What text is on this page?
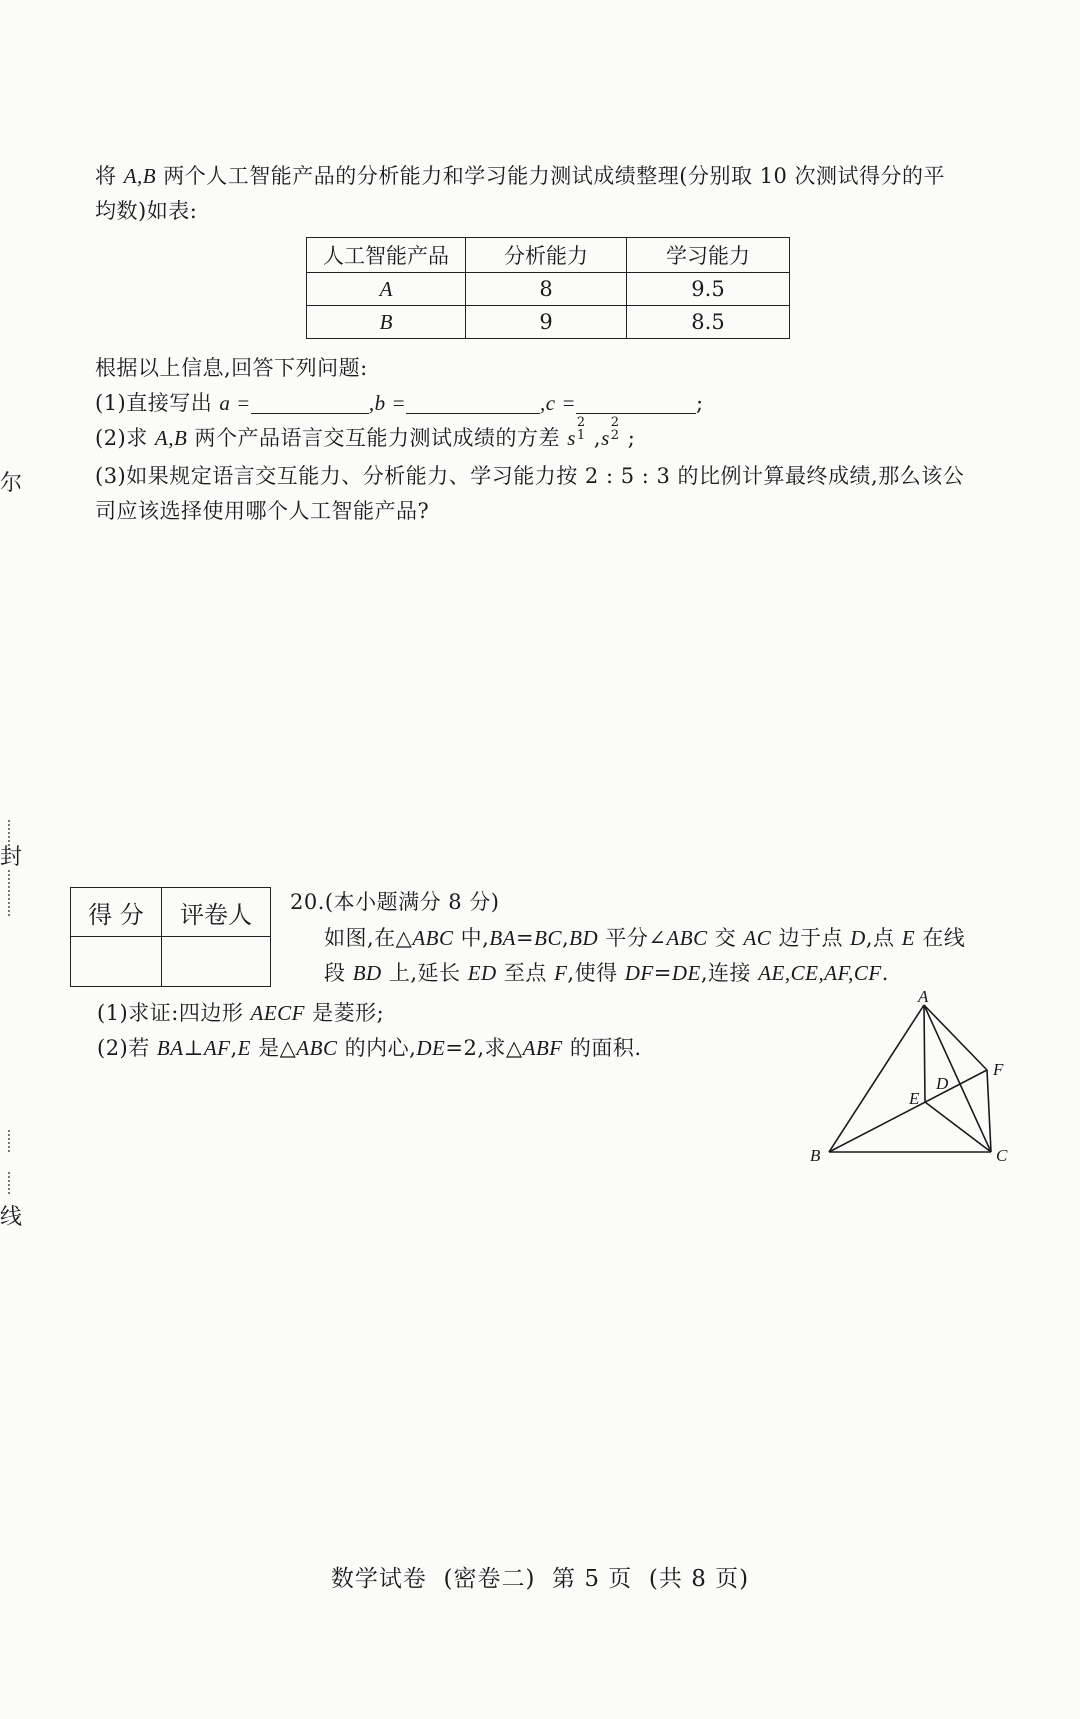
将 A,B 两个人工智能产品的分析能力和学习能力测试成绩整理(分别取 10 次测试得分的平
均数)如表:
人工智能产品	分析能力	学习能力
A	8	9.5
B	9	8.5
根据以上信息,回答下列问题:
(1)直接写出 a =	,b =	,c =	;
(2)求 A,B 两个产品语言交互能力测试成绩的方差 s
2
1 ,s
2
2 ;
(3)如果规定语言交互能力、分析能力、学习能力按 2 : 5 : 3 的比例计算最终成绩,那么该公
司应该选择使用哪个人工智能产品?
尔
封
线
得 分	评卷人
	20.(本小题满分 8 分)
如图,在△ABC 中,BA=BC,BD 平分∠ABC 交 AC 边于点 D,点 E 在线
段 BD 上,延长 ED 至点 F,使得 DF=DE,连接 AE,CE,AF,CF.
(1)求证:四边形 AECF 是菱形;
(2)若 BA⊥AF,E 是△ABC 的内心,DE=2,求△ABF 的面积.
A
B	C
D
E
F
数学试卷  (密卷二)  第 5 页  (共 8 页)
